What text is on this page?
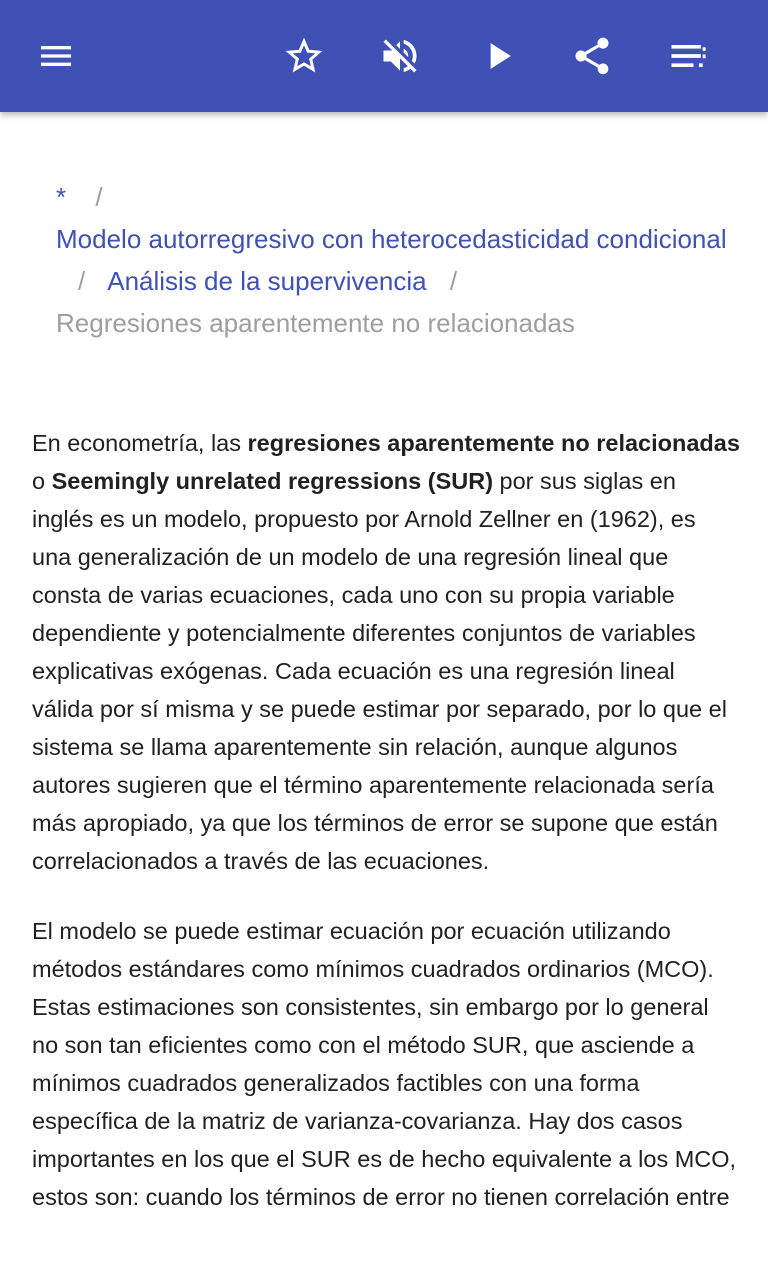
* /
Modelo autorregresivo con heterocedasticidad condicional
/ Análisis de la supervivencia /
Regresiones aparentemente no relacionadas

En econometría, las regresiones aparentemente no relacionadas o Seemingly unrelated regressions (SUR) por sus siglas en inglés es un modelo, propuesto por Arnold Zellner en (1962), es una generalización de un modelo de una regresión lineal que consta de varias ecuaciones, cada uno con su propia variable dependiente y potencialmente diferentes conjuntos de variables explicativas exógenas. Cada ecuación es una regresión lineal válida por sí misma y se puede estimar por separado, por lo que el sistema se llama aparentemente sin relación, aunque algunos autores sugieren que el término aparentemente relacionada sería más apropiado, ya que los términos de error se supone que están correlacionados a través de las ecuaciones.

El modelo se puede estimar ecuación por ecuación utilizando métodos estándares como mínimos cuadrados ordinarios (MCO). Estas estimaciones son consistentes, sin embargo por lo general no son tan eficientes como con el método SUR, que asciende a mínimos cuadrados generalizados factibles con una forma específica de la matriz de varianza-covarianza. Hay dos casos importantes en los que el SUR es de hecho equivalente a los MCO, estos son: cuando los términos de error no tienen correlación entre
